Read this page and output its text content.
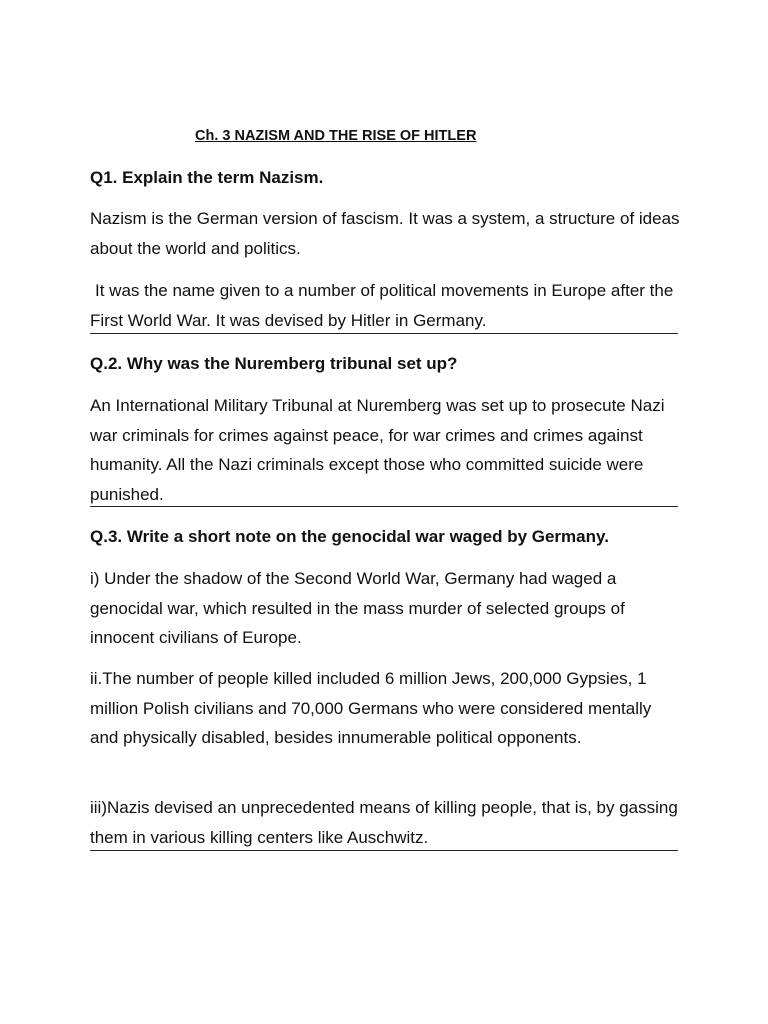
Ch. 3 NAZISM AND THE RISE OF HITLER
Q1. Explain the term Nazism.
Nazism is the German version of fascism. It was a system, a structure of ideas about the world and politics.
It was the name given to a number of political movements in Europe after the First World War. It was devised by Hitler in Germany.
Q.2. Why was the Nuremberg tribunal set up?
An International Military Tribunal at Nuremberg was set up to prosecute Nazi war criminals for crimes against peace, for war crimes and crimes against humanity. All the Nazi criminals except those who committed suicide were punished.
Q.3. Write a short note on the genocidal war waged by Germany.
i) Under the shadow of the Second World War, Germany had waged a genocidal war, which resulted in the mass murder of selected groups of innocent civilians of Europe.
ii.The number of people killed included 6 million Jews, 200,000 Gypsies, 1 million Polish civilians and 70,000 Germans who were considered mentally and physically disabled, besides innumerable political opponents.
iii)Nazis devised an unprecedented means of killing people, that is, by gassing them in various killing centers like Auschwitz.
